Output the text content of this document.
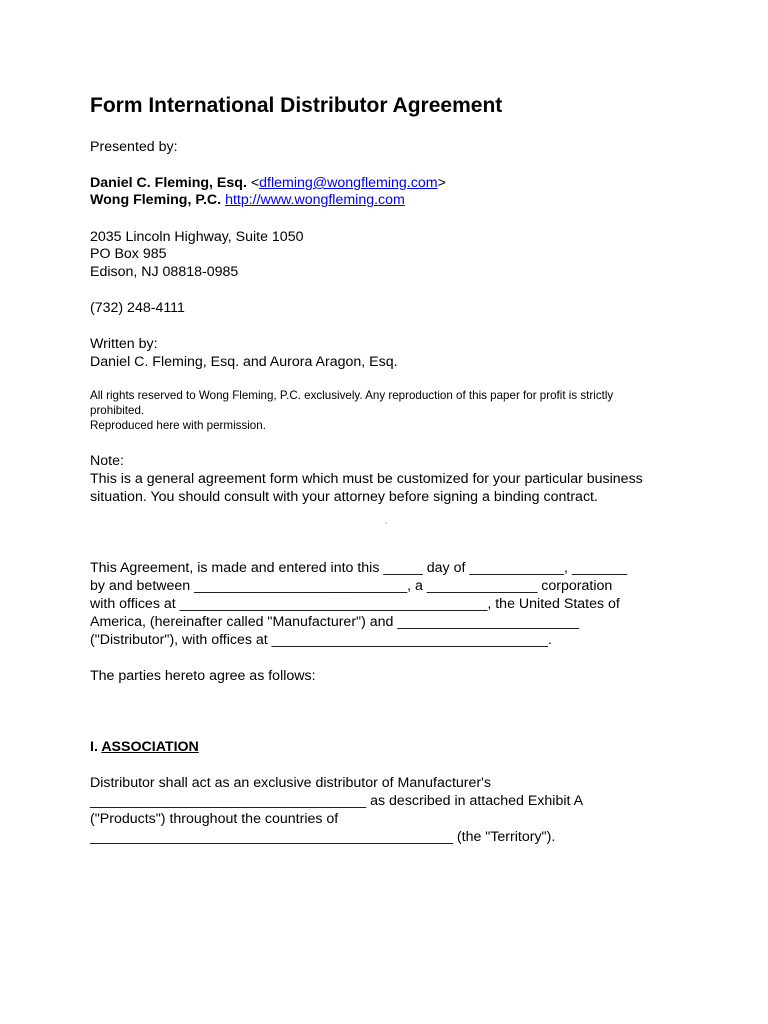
Form International Distributor Agreement

Presented by:

Daniel C. Fleming, Esq. <dfleming@wongfleming.com>

Wong Fleming, P.C. http://www.wongfleming.com

2035 Lincoln Highway, Suite 1050

PO Box 985

Edison, NJ 08818-0985

(732) 248-4111

Written by:

Daniel C. Fleming, Esq. and Aurora Aragon, Esq.

All rights reserved to Wong Fleming, P.C. exclusively. Any reproduction of this paper for profit is strictly

prohibited.

Reproduced here with permission.

Note:

This is a general agreement form which must be customized for your particular business

situation. You should consult with your attorney before signing a binding contract.

This Agreement, is made and entered into this _____ day of ____________, _______

by and between ___________________________, a ______________ corporation

with offices at _______________________________________, the United States of

America, (hereinafter called "Manufacturer") and _______________________

("Distributor"), with offices at ___________________________________.

The parties hereto agree as follows:

I. ASSOCIATION

Distributor shall act as an exclusive distributor of Manufacturer's

___________________________________ as described in attached Exhibit A

("Products") throughout the countries of

______________________________________________ (the "Territory").
